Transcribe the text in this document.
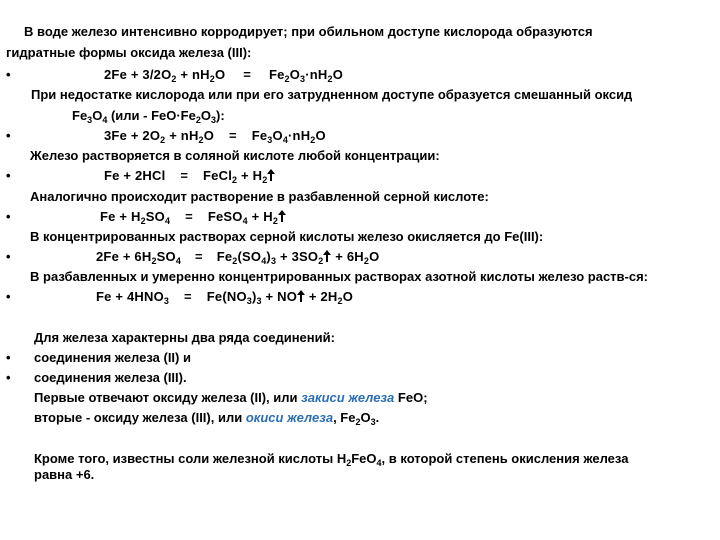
В воде железо интенсивно корродирует; при обильном доступе кислорода образуются
гидратные формы оксида железа (III):
•	$2Fe + 3/2O_2 + nH_2O = Fe_2O_3\cdot nH_2O$
При недостатке кислорода или при его затрудненном доступе образуется смешанный оксид
$Fe_3O_4$ $(или - FeO\cdot Fe_2O_3)$:
•	$3Fe + 2O_2 + nH_2O = Fe_3O_4\cdot nH_2O$
Железо растворяется в соляной кислоте любой концентрации:
•	Fe + 2HCl = FeCl$_2$ + $H_2$
Аналогично происходит растворение в разбавленной серной кислоте:
•	$Fe + H_2SO_4$ = FeSO$_4$ + $H_2$
В концентрированных растворах серной кислоты железо окисляется до Fe(III):
•	$2Fe + 6H_2SO_4 = Fe_2(SO_4)_3 + 3SO_2 + 6H_2O$
В разбавленных и умеренно концентрированных растворах азотной кислоты железо раств-ся:
•	$Fe + 4HNO_3 = Fe(NO_3)_3$ + NO + $2H_2O$
Для железа характерны два ряда соединений:
• соединения железа (II) и
• соединения железа (III).
Первые отвечают оксиду железа (II), или закиси железа FeO;
вторые - оксиду железа (III), или окиси железа, $Fe_2O_3$.
Кроме того, известны соли железной кислоты $H_2FeO_4$, в которой степень окисления железа
равна +6.
